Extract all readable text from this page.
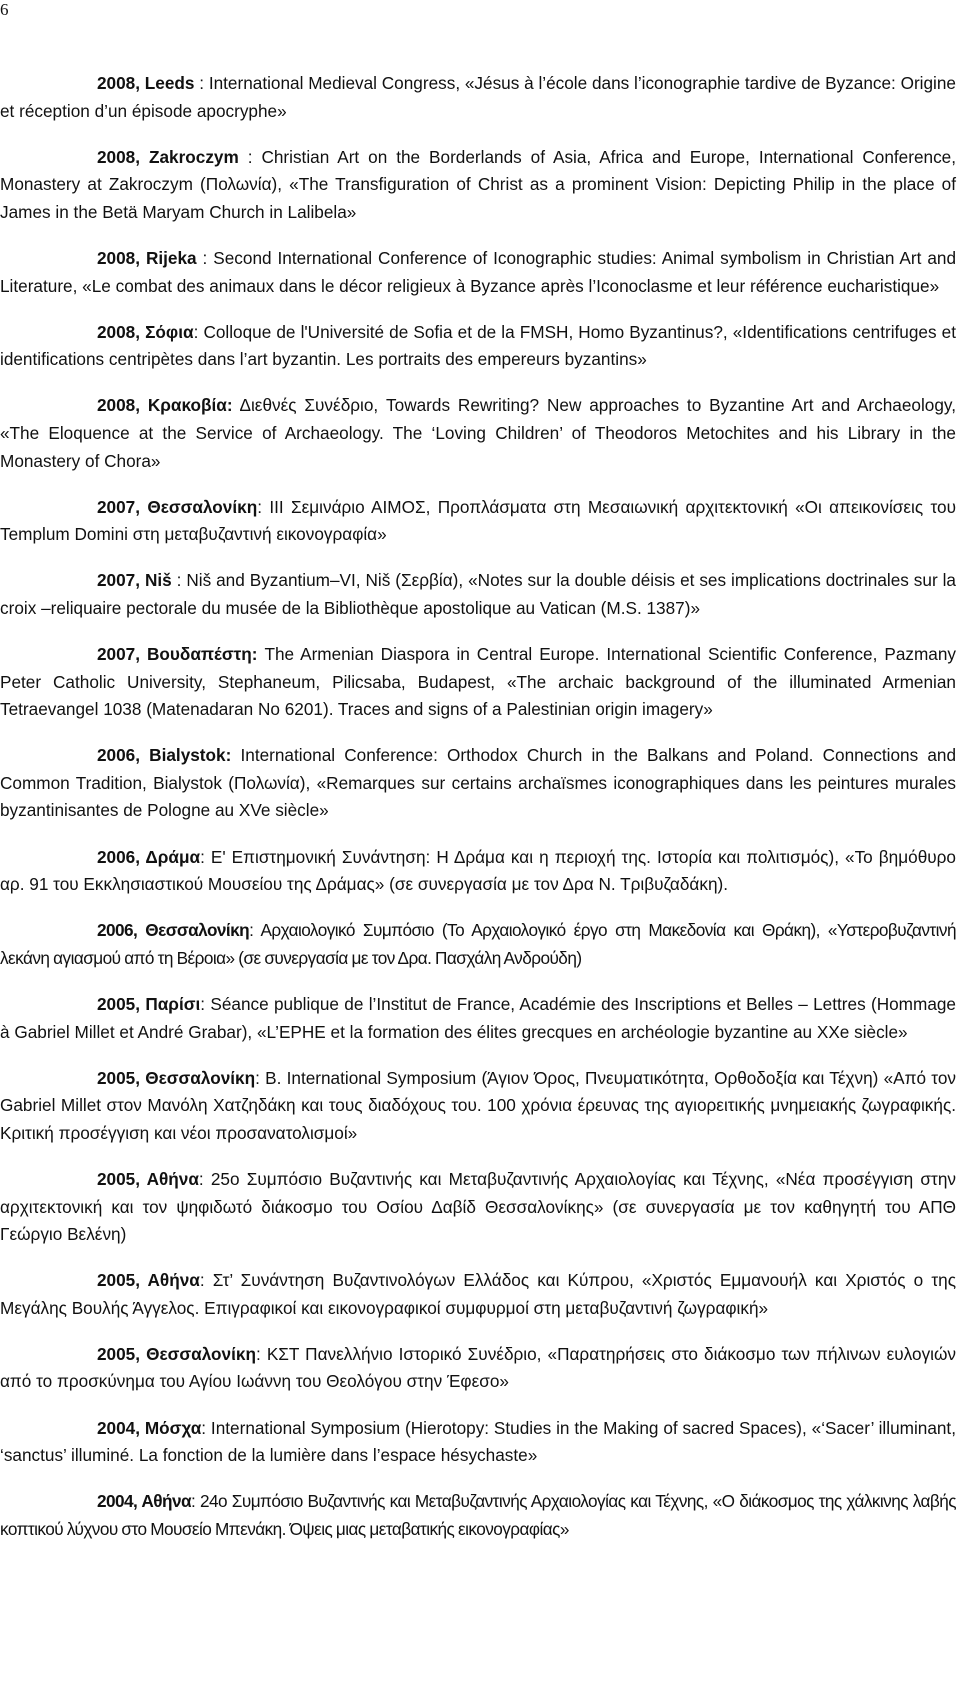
6

2008, Leeds : International Medieval Congress, «Jésus à l’école dans l’iconographie tardive de Byzance: Origine et réception d’un épisode apocryphe»

2008, Zakroczym : Christian Art on the Borderlands of Asia, Africa and Europe, International Conference, Monastery at Zakroczym (Πολωνία), «The Transfiguration of Christ as a prominent Vision: Depicting Philip in the place of James in the Betä Maryam Church in Lalibela»

2008, Rijeka : Second International Conference of Iconographic studies: Animal symbolism in Christian Art and Literature, «Le combat des animaux dans le décor religieux à Byzance après l’Iconoclasme et leur référence eucharistique»

2008, Σόφια: Colloque de l'Université de Sofia et de la FMSH, Homo Byzantinus?, «Identifications centrifuges et identifications centripètes dans l’art byzantin. Les portraits des empereurs byzantins»

2008, Κρακοβία: Διεθνές Συνέδριο, Towards Rewriting? New approaches to Byzantine Art and Archaeology, «The Eloquence at the Service of Archaeology. The ‘Loving Children’ of Theodoros Metochites and his Library in the Monastery of Chora»

2007, Θεσσαλονίκη: ΙΙΙ Σεμινάριο ΑΙΜΟΣ, Προπλάσματα στη Μεσαιωνική αρχιτεκτονική «Οι απεικονίσεις του Templum Domini στη μεταβυζαντινή εικονογραφία»

2007, Νiš : Niš and Byzantium–VI, Niš (Σερβία), «Notes sur la double déisis et ses implications doctrinales sur la croix –reliquaire pectorale du musée de la Bibliothèque apostolique au Vatican (M.S. 1387)»

2007, Βουδαπέστη: The Armenian Diaspora in Central Europe. International Scientific Conference, Pazmany Peter Catholic University, Stephaneum, Pilicsaba, Budapest, «The archaic background of the illuminated Armenian Tetraevangel 1038 (Matenadaran No 6201). Traces and signs of a Palestinian origin imagery»

2006, Bialystok: International Conference: Orthodox Church in the Balkans and Poland. Connections and Common Tradition, Bialystok (Πολωνία), «Remarques sur certains archaïsmes iconographiques dans les peintures murales byzantinisantes de Pologne au XVe siècle»

2006, Δράμα: Ε' Επιστημονική Συνάντηση: Η Δράμα και η περιοχή της. Ιστορία και πολιτισμός), «Το βημόθυρο αρ. 91 του Εκκλησιαστικού Μουσείου της Δράμας» (σε συνεργασία με τον Δρα Ν. Τριβυζαδάκη).

2006, Θεσσαλονίκη: Αρχαιολογικό Συμπόσιο (Το Αρχαιολογικό έργο στη Μακεδονία και Θράκη), «Υστεροβυζαντινή λεκάνη αγιασμού από τη Βέροια» (σε συνεργασία με τον Δρα. Πασχάλη Ανδρούδη)

2005, Παρίσι: Séance publique de l’Institut de France, Académie des Inscriptions et Belles – Lettres (Hommage à Gabriel Millet et André Grabar), «L’EPHE et la formation des élites grecques en archéologie byzantine au XXe siècle»

2005, Θεσσαλονίκη: Β. International Symposium (Άγιον Όρος, Πνευματικότητα, Ορθοδοξία και Τέχνη) «Από τον Gabriel Millet στον Μανόλη Χατζηδάκη και τους διαδόχους του. 100 χρόνια έρευνας της αγιορειτικής μνημειακής ζωγραφικής. Κριτική προσέγγιση και νέοι προσανατολισμοί»

2005, Αθήνα: 25ο Συμπόσιο Βυζαντινής και Μεταβυζαντινής Αρχαιολογίας και Τέχνης, «Νέα προσέγγιση στην αρχιτεκτονική και τον ψηφιδωτό διάκοσμο του Οσίου Δαβίδ Θεσσαλονίκης» (σε συνεργασία με τον καθηγητή του ΑΠΘ Γεώργιο Βελένη)

2005, Αθήνα: Στ’ Συνάντηση Βυζαντινολόγων Ελλάδος και Κύπρου, «Χριστός Εμμανουήλ και Χριστός ο της Μεγάλης Βουλής Άγγελος. Επιγραφικοί και εικονογραφικοί συμφυρμοί στη μεταβυζαντινή ζωγραφική»

2005, Θεσσαλονίκη: ΚΣΤ Πανελλήνιο Ιστορικό Συνέδριο, «Παρατηρήσεις στο διάκοσμο των πήλινων ευλογιών από το προσκύνημα του Αγίου Ιωάννη του Θεολόγου στην Έφεσο»

2004, Μόσχα: International Symposium (Hierotopy: Studies in the Making of sacred Spaces), «‘Sacer’ illuminant, ‘sanctus’ illuminé. La fonction de la lumière dans l’espace hésychaste»

2004, Αθήνα: 24ο Συμπόσιο Βυζαντινής και Μεταβυζαντινής Αρχαιολογίας και Τέχνης, «Ο διάκοσμος της χάλκινης λαβής κοπτικού λύχνου στο Μουσείο Μπενάκη. Όψεις μιας μεταβατικής εικονογραφίας»
